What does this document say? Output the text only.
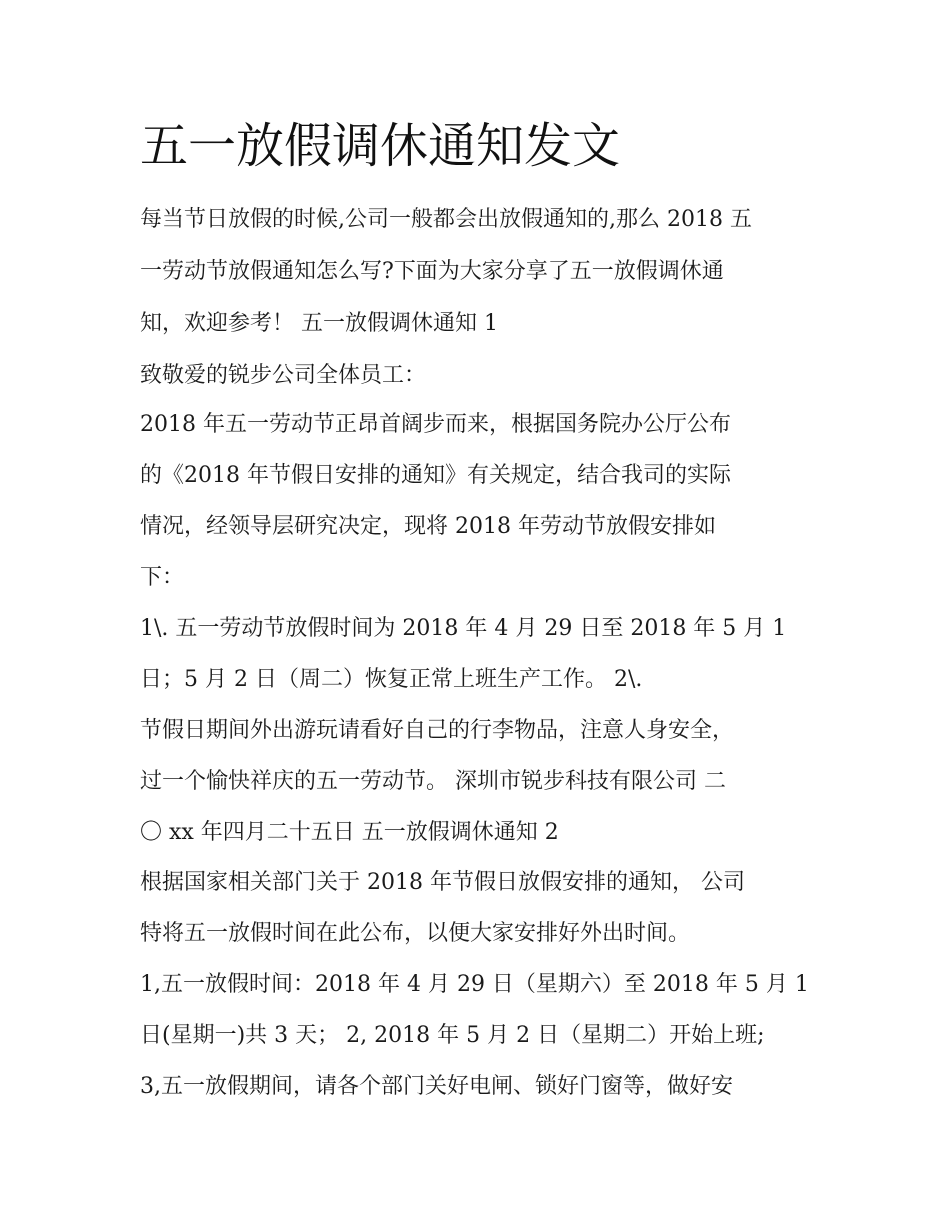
五一放假调休通知发文

每当节日放假的时候,公司一般都会出放假通知的,那么 2018 五

一劳动节放假通知怎么写?下面为大家分享了五一放假调休通

知，欢迎参考！ 五一放假调休通知 1

致敬爱的锐步公司全体员工：

2018 年五一劳动节正昂首阔步而来，根据国务院办公厅公布

的《2018 年节假日安排的通知》有关规定，结合我司的实际

情况，经领导层研究决定，现将 2018 年劳动节放假安排如

下：

1\. 五一劳动节放假时间为 2018 年 4 月 29 日至 2018 年 5 月 1

日；5 月 2 日（周二）恢复正常上班生产工作。 2\.

节假日期间外出游玩请看好自己的行李物品，注意人身安全，

过一个愉快祥庆的五一劳动节。 深圳市锐步科技有限公司 二

〇 xx 年四月二十五日 五一放假调休通知 2

根据国家相关部门关于 2018 年节假日放假安排的通知， 公司

特将五一放假时间在此公布，以便大家安排好外出时间。

1,五一放假时间：2018 年 4 月 29 日（星期六）至 2018 年 5 月 1

日(星期一)共 3 天； 2, 2018 年 5 月 2 日（星期二）开始上班;

3,五一放假期间，请各个部门关好电闸、锁好门窗等，做好安
